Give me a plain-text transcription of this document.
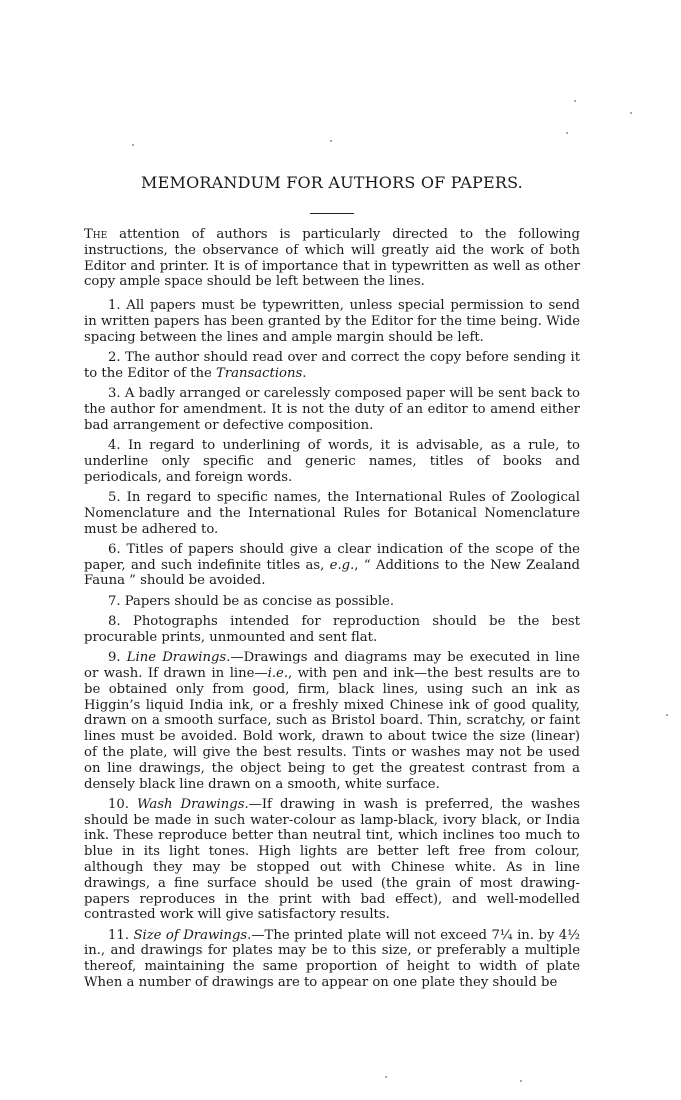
MEMORANDUM FOR AUTHORS OF PAPERS.

The attention of authors is particularly directed to the following instructions, the observance of which will greatly aid the work of both Editor and printer. It is of importance that in typewritten as well as other copy ample space should be left between the lines.

1. All papers must be typewritten, unless special permission to send in written papers has been granted by the Editor for the time being. Wide spacing between the lines and ample margin should be left.

2. The author should read over and correct the copy before sending it to the Editor of the Transactions.

3. A badly arranged or carelessly composed paper will be sent back to the author for amendment. It is not the duty of an editor to amend either bad arrangement or defective composition.

4. In regard to underlining of words, it is advisable, as a rule, to underline only specific and generic names, titles of books and periodicals, and foreign words.

5. In regard to specific names, the International Rules of Zoological Nomenclature and the International Rules for Botanical Nomenclature must be adhered to.

6. Titles of papers should give a clear indication of the scope of the paper, and such indefinite titles as, e.g., “ Additions to the New Zealand Fauna ” should be avoided.

7. Papers should be as concise as possible.

8. Photographs intended for reproduction should be the best procurable prints, unmounted and sent flat.

9. Line Drawings.—Drawings and diagrams may be executed in line or wash. If drawn in line—i.e., with pen and ink—the best results are to be obtained only from good, firm, black lines, using such an ink as Higgin’s liquid India ink, or a freshly mixed Chinese ink of good quality, drawn on a smooth surface, such as Bristol board. Thin, scratchy, or faint lines must be avoided. Bold work, drawn to about twice the size (linear) of the plate, will give the best results. Tints or washes may not be used on line drawings, the object being to get the greatest contrast from a densely black line drawn on a smooth, white surface.

10. Wash Drawings.—If drawing in wash is preferred, the washes should be made in such water-colour as lamp-black, ivory black, or India ink. These reproduce better than neutral tint, which inclines too much to blue in its light tones. High lights are better left free from colour, although they may be stopped out with Chinese white. As in line drawings, a fine surface should be used (the grain of most drawing-papers reproduces in the print with bad effect), and well-modelled contrasted work will give satisfactory results.

11. Size of Drawings.—The printed plate will not exceed 7¼ in. by 4½ in., and drawings for plates may be to this size, or preferably a multiple thereof, maintaining the same proportion of height to width of plate When a number of drawings are to appear on one plate they should be
